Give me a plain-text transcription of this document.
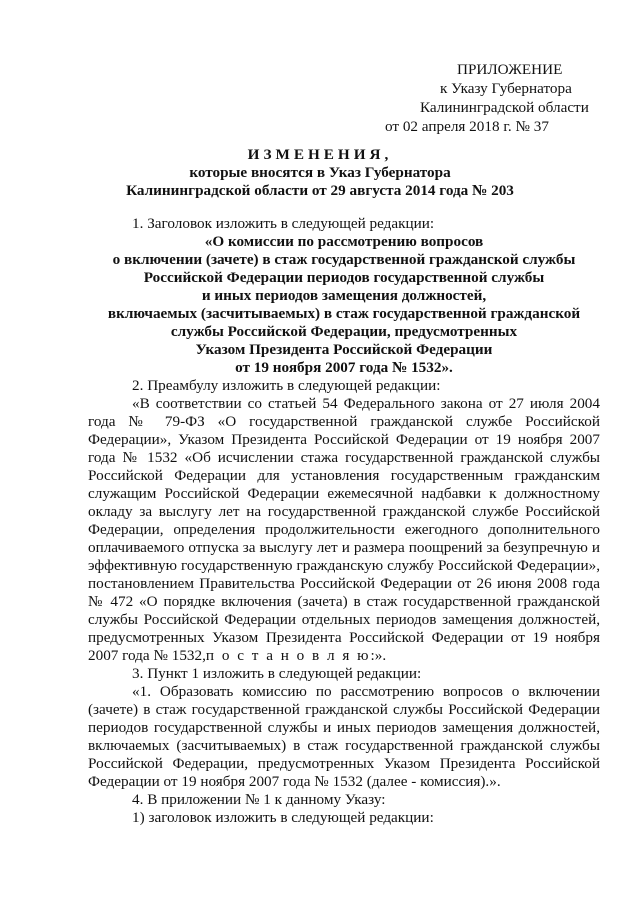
ПРИЛОЖЕНИЕ
к Указу Губернатора
Калининградской области
от 02 апреля 2018 г. № 37
ИЗМЕНЕНИЯ,
которые вносятся в Указ Губернатора
Калининградской области от 29 августа 2014 года № 203

1. Заголовок изложить в следующей редакции:

«О комиссии по рассмотрению вопросов

о включении (зачете) в стаж государственной гражданской службы

Российской Федерации периодов государственной службы

и иных периодов замещения должностей,

включаемых (засчитываемых) в стаж государственной гражданской

службы Российской Федерации, предусмотренных

Указом Президента Российской Федерации

от 19 ноября 2007 года № 1532».

2. Преамбулу изложить в следующей редакции:

«В соответствии со статьей 54 Федерального закона от 27 июля 2004 года № 79-ФЗ «О государственной гражданской службе Российской Федерации», Указом Президента Российской Федерации от 19 ноября 2007 года № 1532 «Об исчислении стажа государственной гражданской службы Российской Федерации для установления государственным гражданским служащим Российской Федерации ежемесячной надбавки к должностному окладу за выслугу лет на государственной гражданской службе Российской Федерации, определения продолжительности ежегодного дополнительного оплачиваемого отпуска за выслугу лет и размера поощрений за безупречную и эффективную государственную гражданскую службу Российской Федерации», постановлением Правительства Российской Федерации от 26 июня 2008 года № 472 «О порядке включения (зачета) в стаж государственной гражданской службы Российской Федерации отдельных периодов замещения должностей, предусмотренных Указом Президента Российской Федерации от 19 ноября 2007 года № 1532,п о с т а н о в л я ю:».

3. Пункт 1 изложить в следующей редакции:

«1. Образовать комиссию по рассмотрению вопросов о включении (зачете) в стаж государственной гражданской службы Российской Федерации периодов государственной службы и иных периодов замещения должностей, включаемых (засчитываемых) в стаж государственной гражданской службы Российской Федерации, предусмотренных Указом Президента Российской Федерации от 19 ноября 2007 года № 1532 (далее - комиссия).».

4. В приложении № 1 к данному Указу:

1) заголовок изложить в следующей редакции:
